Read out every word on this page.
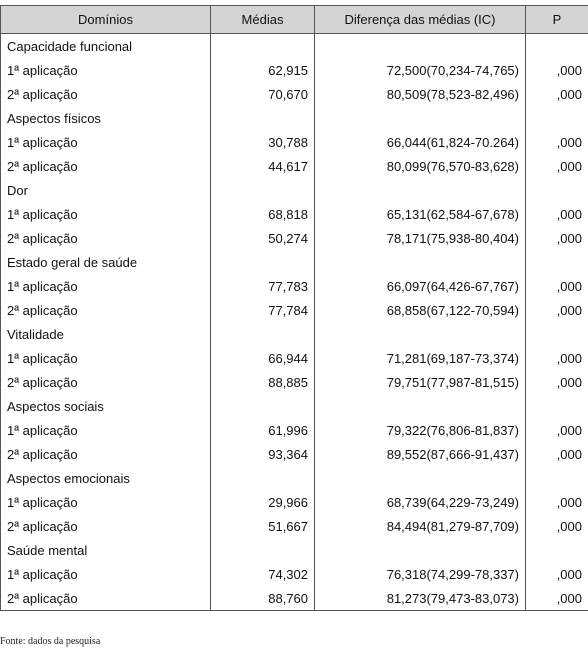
Domínios	Médias	Diferença das médias (IC)	P
Capacidade funcional			
1ª aplicação	62,915	72,500(70,234-74,765)	,000
2ª aplicação	70,670	80,509(78,523-82,496)	,000
Aspectos físicos			
1ª aplicação	30,788	66,044(61,824-70.264)	,000
2ª aplicação	44,617	80,099(76,570-83,628)	,000
Dor			
1ª aplicação	68,818	65,131(62,584-67,678)	,000
2ª aplicação	50,274	78,171(75,938-80,404)	,000
Estado geral de saúde			
1ª aplicação	77,783	66,097(64,426-67,767)	,000
2ª aplicação	77,784	68,858(67,122-70,594)	,000
Vitalidade			
1ª aplicação	66,944	71,281(69,187-73,374)	,000
2ª aplicação	88,885	79,751(77,987-81,515)	,000
Aspectos sociais			
1ª aplicação	61,996	79,322(76,806-81,837)	,000
2ª aplicação	93,364	89,552(87,666-91,437)	,000
Aspectos emocionais			
1ª aplicação	29,966	68,739(64,229-73,249)	,000
2ª aplicação	51,667	84,494(81,279-87,709)	,000
Saúde mental			
1ª aplicação	74,302	76,318(74,299-78,337)	,000
2ª aplicação	88,760	81,273(79,473-83,073)	,000
Fonte: dados da pesquisa
